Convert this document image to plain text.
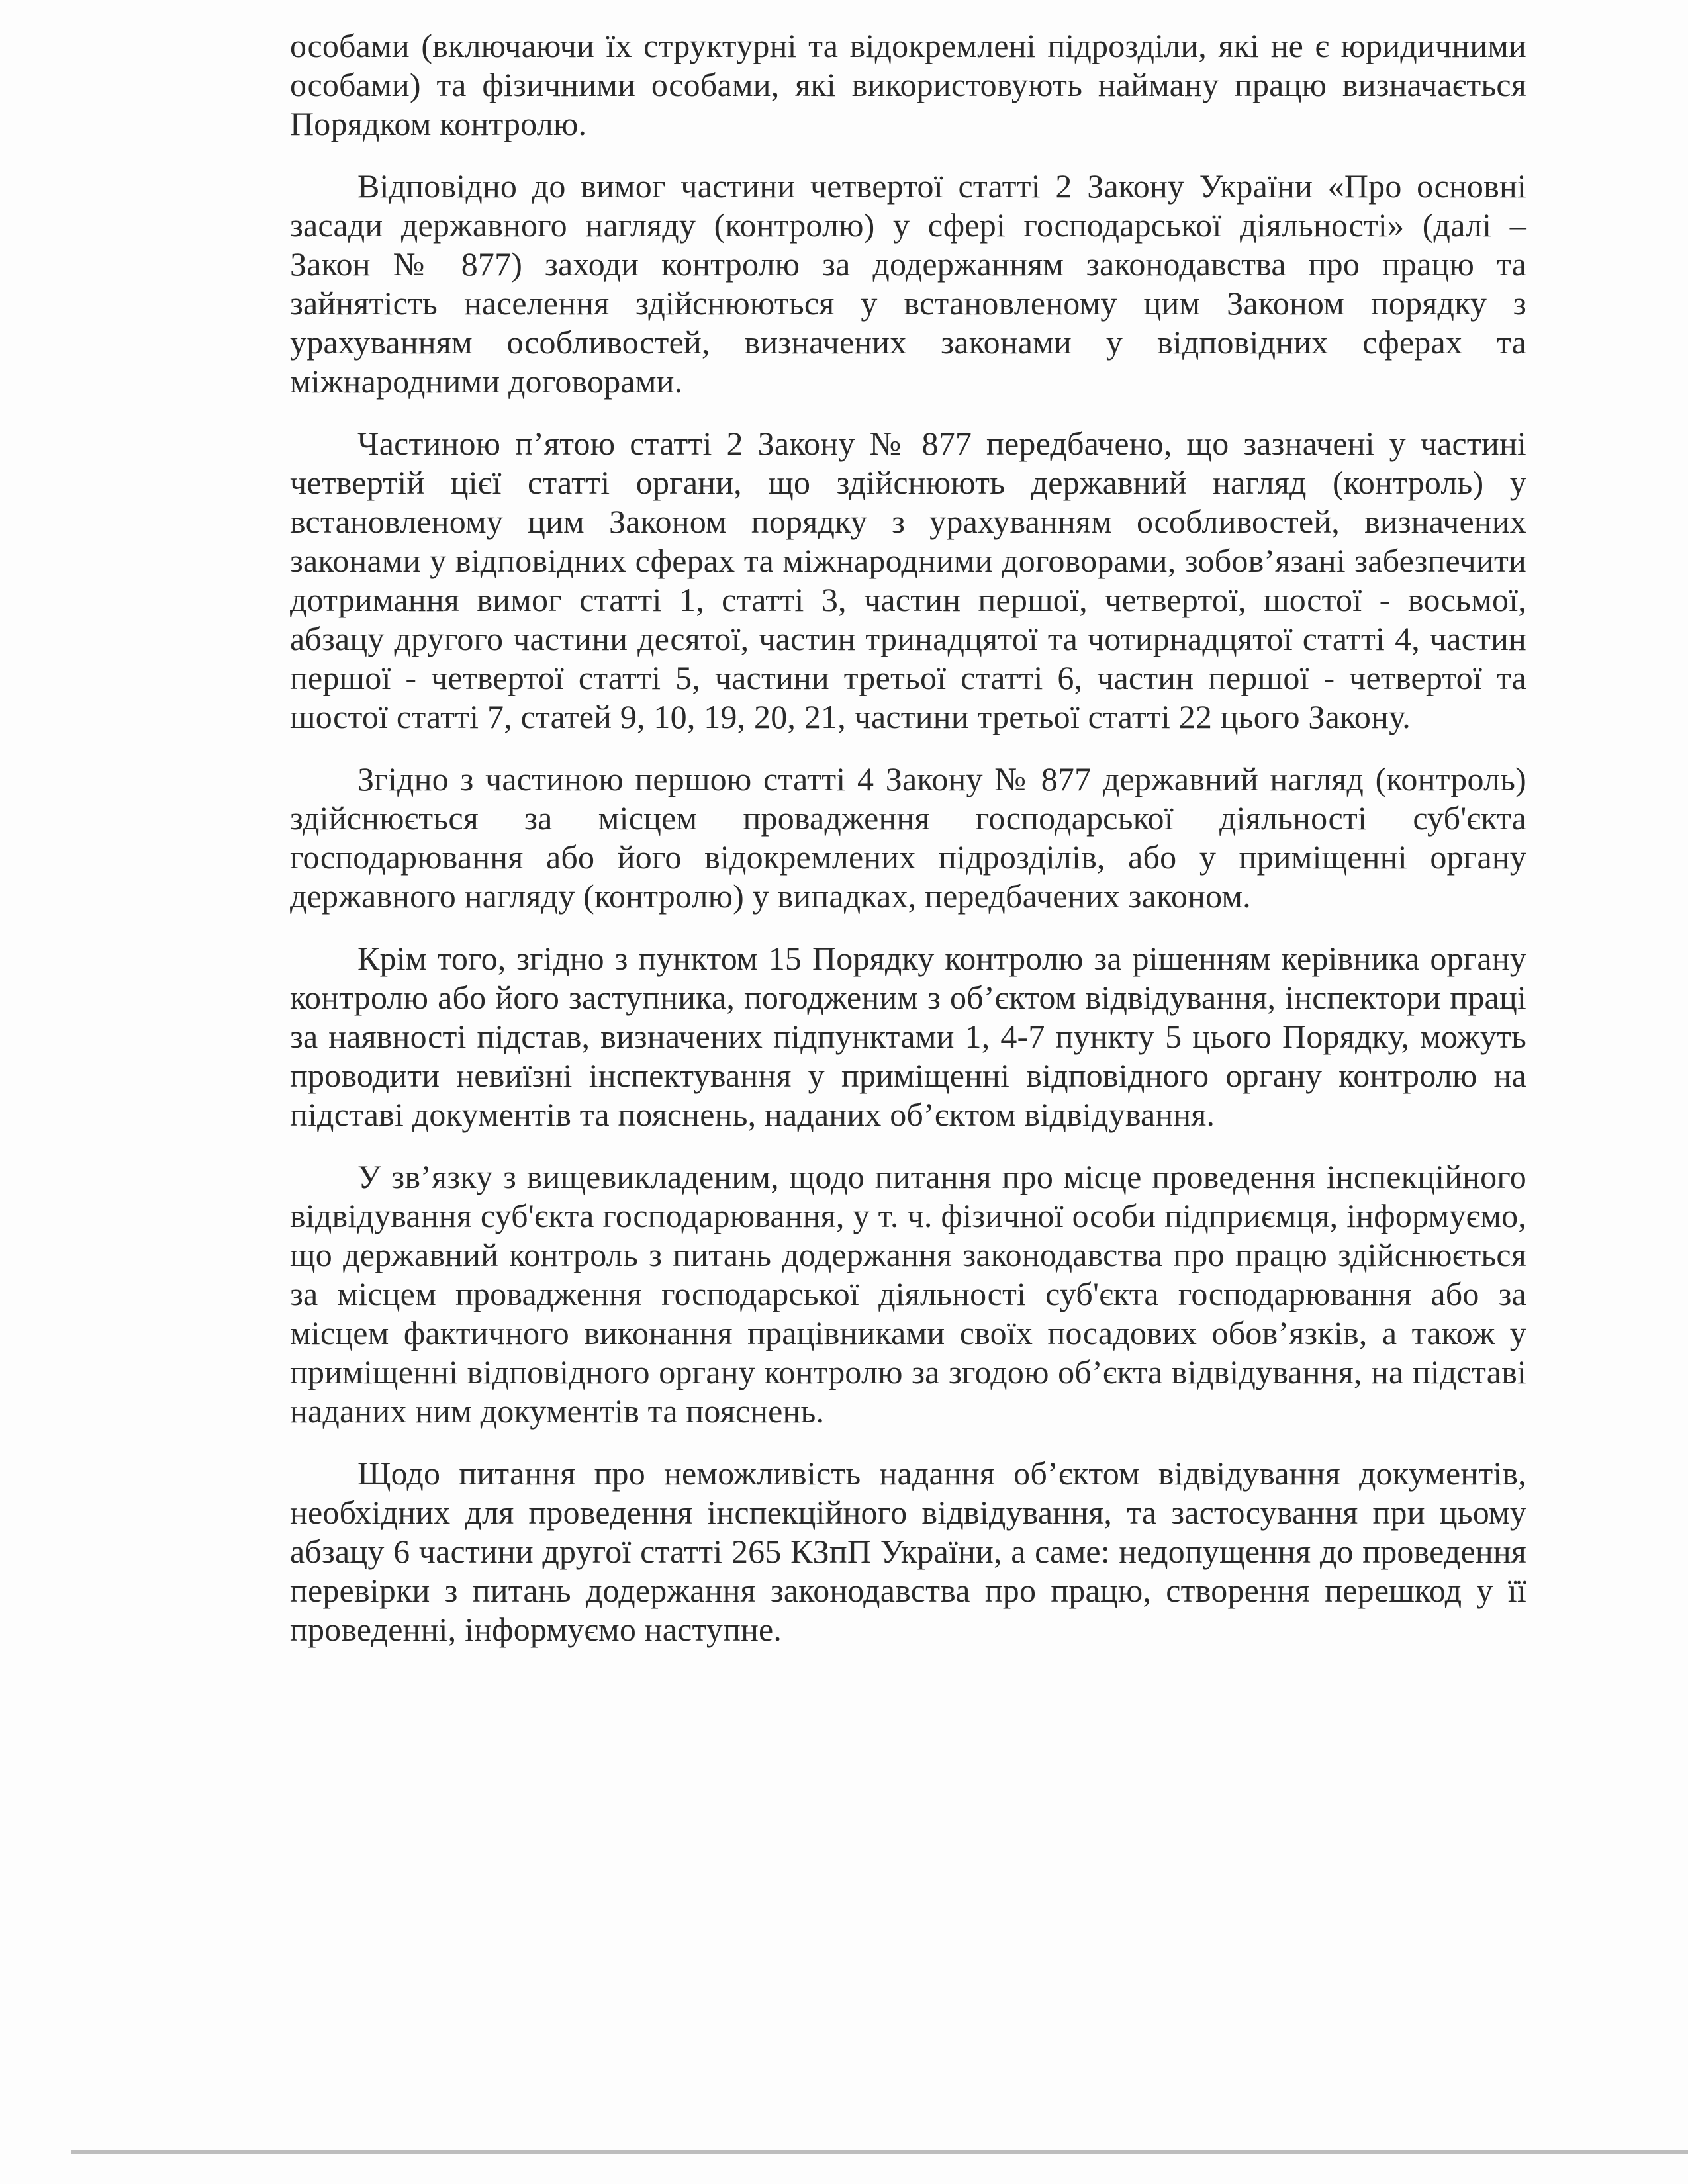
особами (включаючи їх структурні та відокремлені підрозділи, які не є юридичними особами) та фізичними особами, які використовують найману працю визначається Порядком контролю.

Відповідно до вимог частини четвертої статті 2 Закону України «Про основні засади державного нагляду (контролю) у сфері господарської діяльності» (далі – Закон № 877) заходи контролю за додержанням законодавства про працю та зайнятість населення здійснюються у встановленому цим Законом порядку з урахуванням особливостей, визначених законами у відповідних сферах та міжнародними договорами.

Частиною п’ятою статті 2 Закону № 877 передбачено, що зазначені у частині четвертій цієї статті органи, що здійснюють державний нагляд (контроль) у встановленому цим Законом порядку з урахуванням особливостей, визначених законами у відповідних сферах та міжнародними договорами, зобов’язані забезпечити дотримання вимог статті 1, статті 3, частин першої, четвертої, шостої - восьмої, абзацу другого частини десятої, частин тринадцятої та чотирнадцятої статті 4, частин першої - четвертої статті 5, частини третьої статті 6, частин першої - четвертої та шостої статті 7, статей 9, 10, 19, 20, 21, частини третьої статті 22 цього Закону.

Згідно з частиною першою статті 4 Закону № 877 державний нагляд (контроль) здійснюється за місцем провадження господарської діяльності суб'єкта господарювання або його відокремлених підрозділів, або у приміщенні органу державного нагляду (контролю) у випадках, передбачених законом.

Крім того, згідно з пунктом 15 Порядку контролю за рішенням керівника органу контролю або його заступника, погодженим з об’єктом відвідування, інспектори праці за наявності підстав, визначених підпунктами 1, 4-7 пункту 5 цього Порядку, можуть проводити невиїзні інспектування у приміщенні відповідного органу контролю на підставі документів та пояснень, наданих об’єктом відвідування.

У зв’язку з вищевикладеним, щодо питання про місце проведення інспекційного відвідування суб'єкта господарювання, у т. ч. фізичної особи підприємця, інформуємо, що державний контроль з питань додержання законодавства про працю здійснюється за місцем провадження господарської діяльності суб'єкта господарювання або за місцем фактичного виконання працівниками своїх посадових обов’язків, а також у приміщенні відповідного органу контролю за згодою об’єкта відвідування, на підставі наданих ним документів та пояснень.

Щодо питання про неможливість надання об’єктом відвідування документів, необхідних для проведення інспекційного відвідування, та застосування при цьому абзацу 6 частини другої статті 265 КЗпП України, а саме: недопущення до проведення перевірки з питань додержання законодавства про працю, створення перешкод у її проведенні, інформуємо наступне.
